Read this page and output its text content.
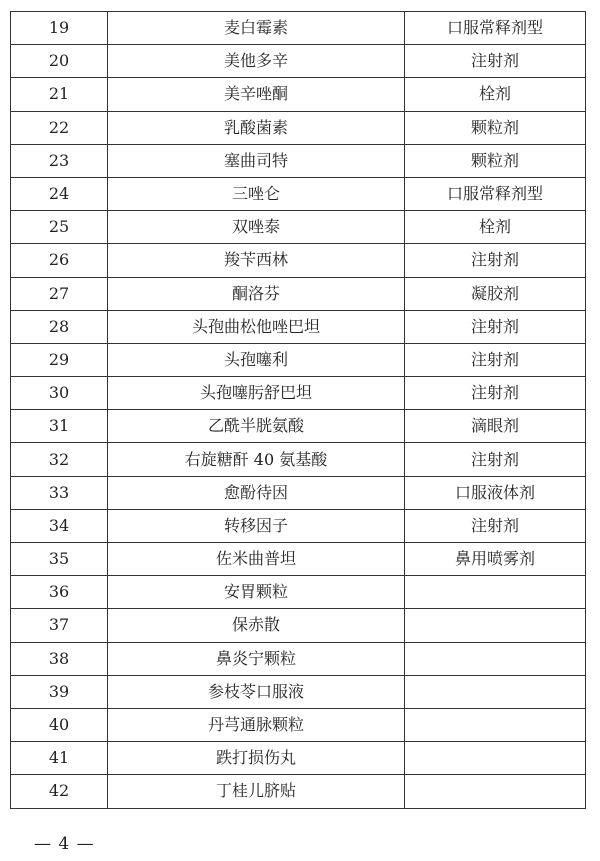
19	麦白霉素	口服常释剂型
20	美他多辛	注射剂
21	美辛唑酮	栓剂
22	乳酸菌素	颗粒剂
23	塞曲司特	颗粒剂
24	三唑仑	口服常释剂型
25	双唑泰	栓剂
26	羧苄西林	注射剂
27	酮洛芬	凝胶剂
28	头孢曲松他唑巴坦	注射剂
29	头孢噻利	注射剂
30	头孢噻肟舒巴坦	注射剂
31	乙酰半胱氨酸	滴眼剂
32	右旋糖酐 40 氨基酸	注射剂
33	愈酚待因	口服液体剂
34	转移因子	注射剂
35	佐米曲普坦	鼻用喷雾剂
36	安胃颗粒	
37	保赤散	
38	鼻炎宁颗粒	
39	参枝苓口服液	
40	丹芎通脉颗粒	
41	跌打损伤丸	
42	丁桂儿脐贴	
— 4 —
